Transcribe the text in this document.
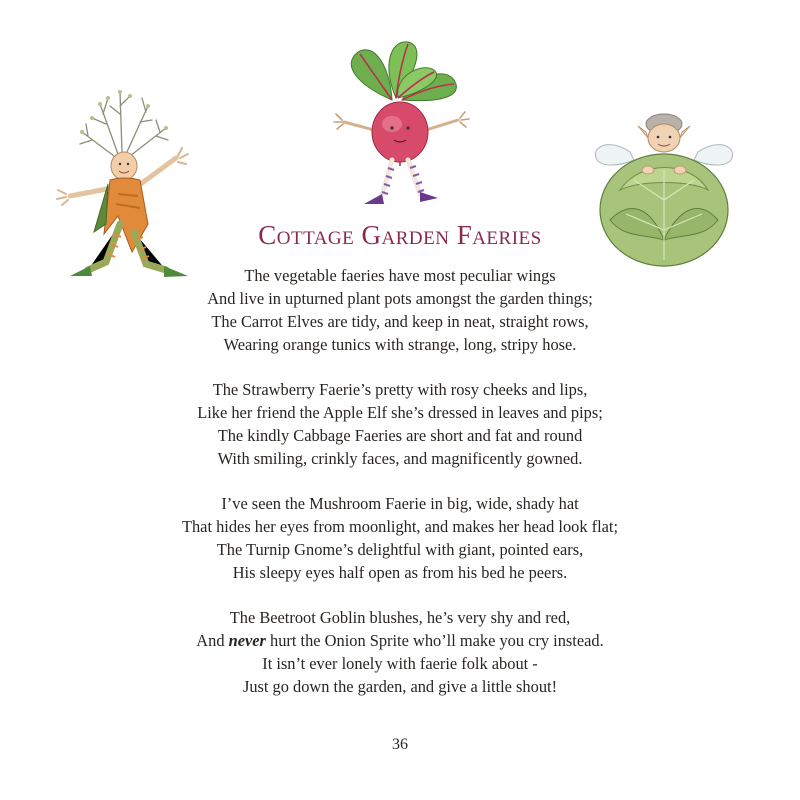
Cottage Garden Faeries
The vegetable faeries have most peculiar wings
And live in upturned plant pots amongst the garden things;
The Carrot Elves are tidy, and keep in neat, straight rows,
Wearing orange tunics with strange, long, stripy hose.
The Strawberry Faerie’s pretty with rosy cheeks and lips,
Like her friend the Apple Elf she’s dressed in leaves and pips;
The kindly Cabbage Faeries are short and fat and round
With smiling, crinkly faces, and magnificently gowned.
I’ve seen the Mushroom Faerie in big, wide, shady hat
That hides her eyes from moonlight, and makes her head look flat;
The Turnip Gnome’s delightful with giant, pointed ears,
His sleepy eyes half open as from his bed he peers.
The Beetroot Goblin blushes, he’s very shy and red,
And never hurt the Onion Sprite who’ll make you cry instead.
It isn’t ever lonely with faerie folk about -
Just go down the garden, and give a little shout!
36
